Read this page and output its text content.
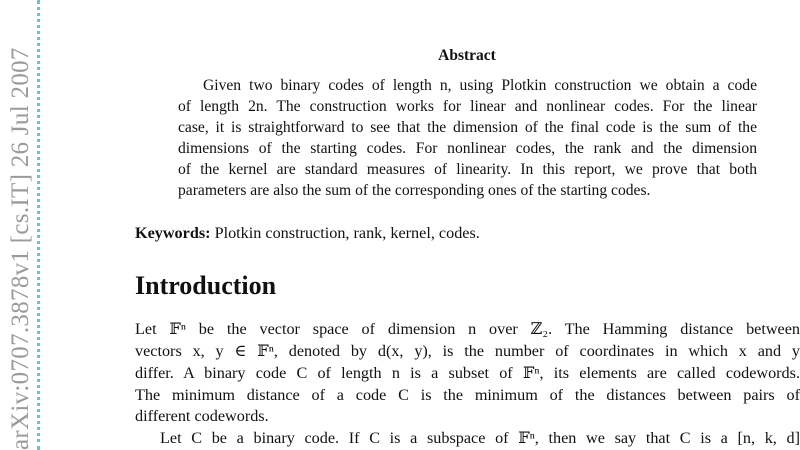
arXiv:0707.3878v1 [cs.IT] 26 Jul 2007	Abstract
Given two binary codes of length n, using Plotkin construction we obtain a code
of length 2n. The construction works for linear and nonlinear codes. For the linear
case, it is straightforward to see that the dimension of the final code is the sum of the
dimensions of the starting codes. For nonlinear codes, the rank and the dimension
of the kernel are standard measures of linearity. In this report, we prove that both
parameters are also the sum of the corresponding ones of the starting codes.
Keywords: Plotkin construction, rank, kernel, codes.
Introduction
Let 𝔽ⁿ be the vector space of dimension n over ℤ₂. The Hamming distance between
vectors x, y ∈ 𝔽ⁿ, denoted by d(x, y), is the number of coordinates in which x and y
differ. A binary code C of length n is a subset of 𝔽ⁿ, its elements are called codewords.
The minimum distance of a code C is the minimum of the distances between pairs of
different codewords.
Let C be a binary code. If C is a subspace of 𝔽ⁿ, then we say that C is a [n, k, d]
